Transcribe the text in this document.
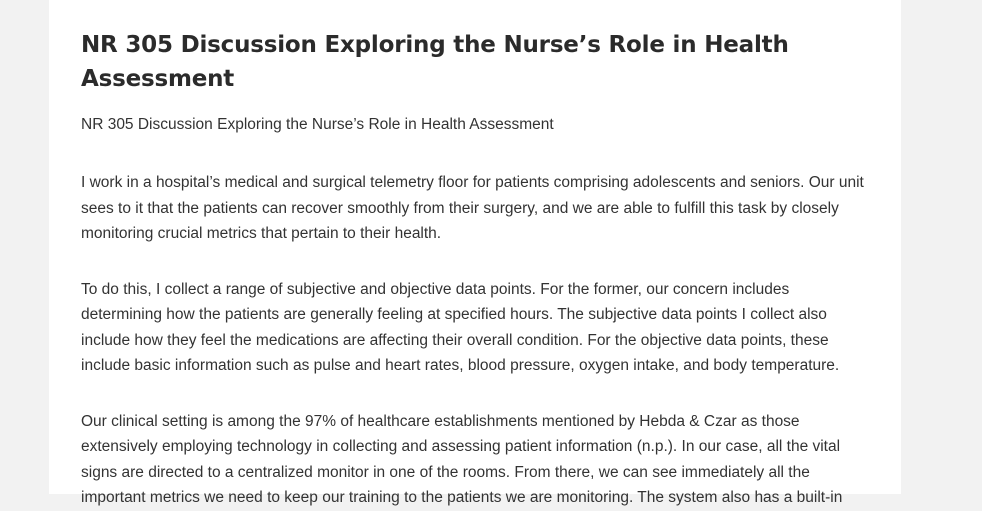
NR 305 Discussion Exploring the Nurse’s Role in Health Assessment

NR 305 Discussion Exploring the Nurse’s Role in Health Assessment

I work in a hospital’s medical and surgical telemetry floor for patients comprising adolescents and seniors. Our unit sees to it that the patients can recover smoothly from their surgery, and we are able to fulfill this task by closely monitoring crucial metrics that pertain to their health.

To do this, I collect a range of subjective and objective data points. For the former, our concern includes determining how the patients are generally feeling at specified hours. The subjective data points I collect also include how they feel the medications are affecting their overall condition. For the objective data points, these include basic information such as pulse and heart rates, blood pressure, oxygen intake, and body temperature.

Our clinical setting is among the 97% of healthcare establishments mentioned by Hebda & Czar as those extensively employing technology in collecting and assessing patient information (n.p.). In our case, all the vital signs are directed to a centralized monitor in one of the rooms. From there, we can see immediately all the important metrics we need to keep our training to the patients we are monitoring. The system also has a built-in
